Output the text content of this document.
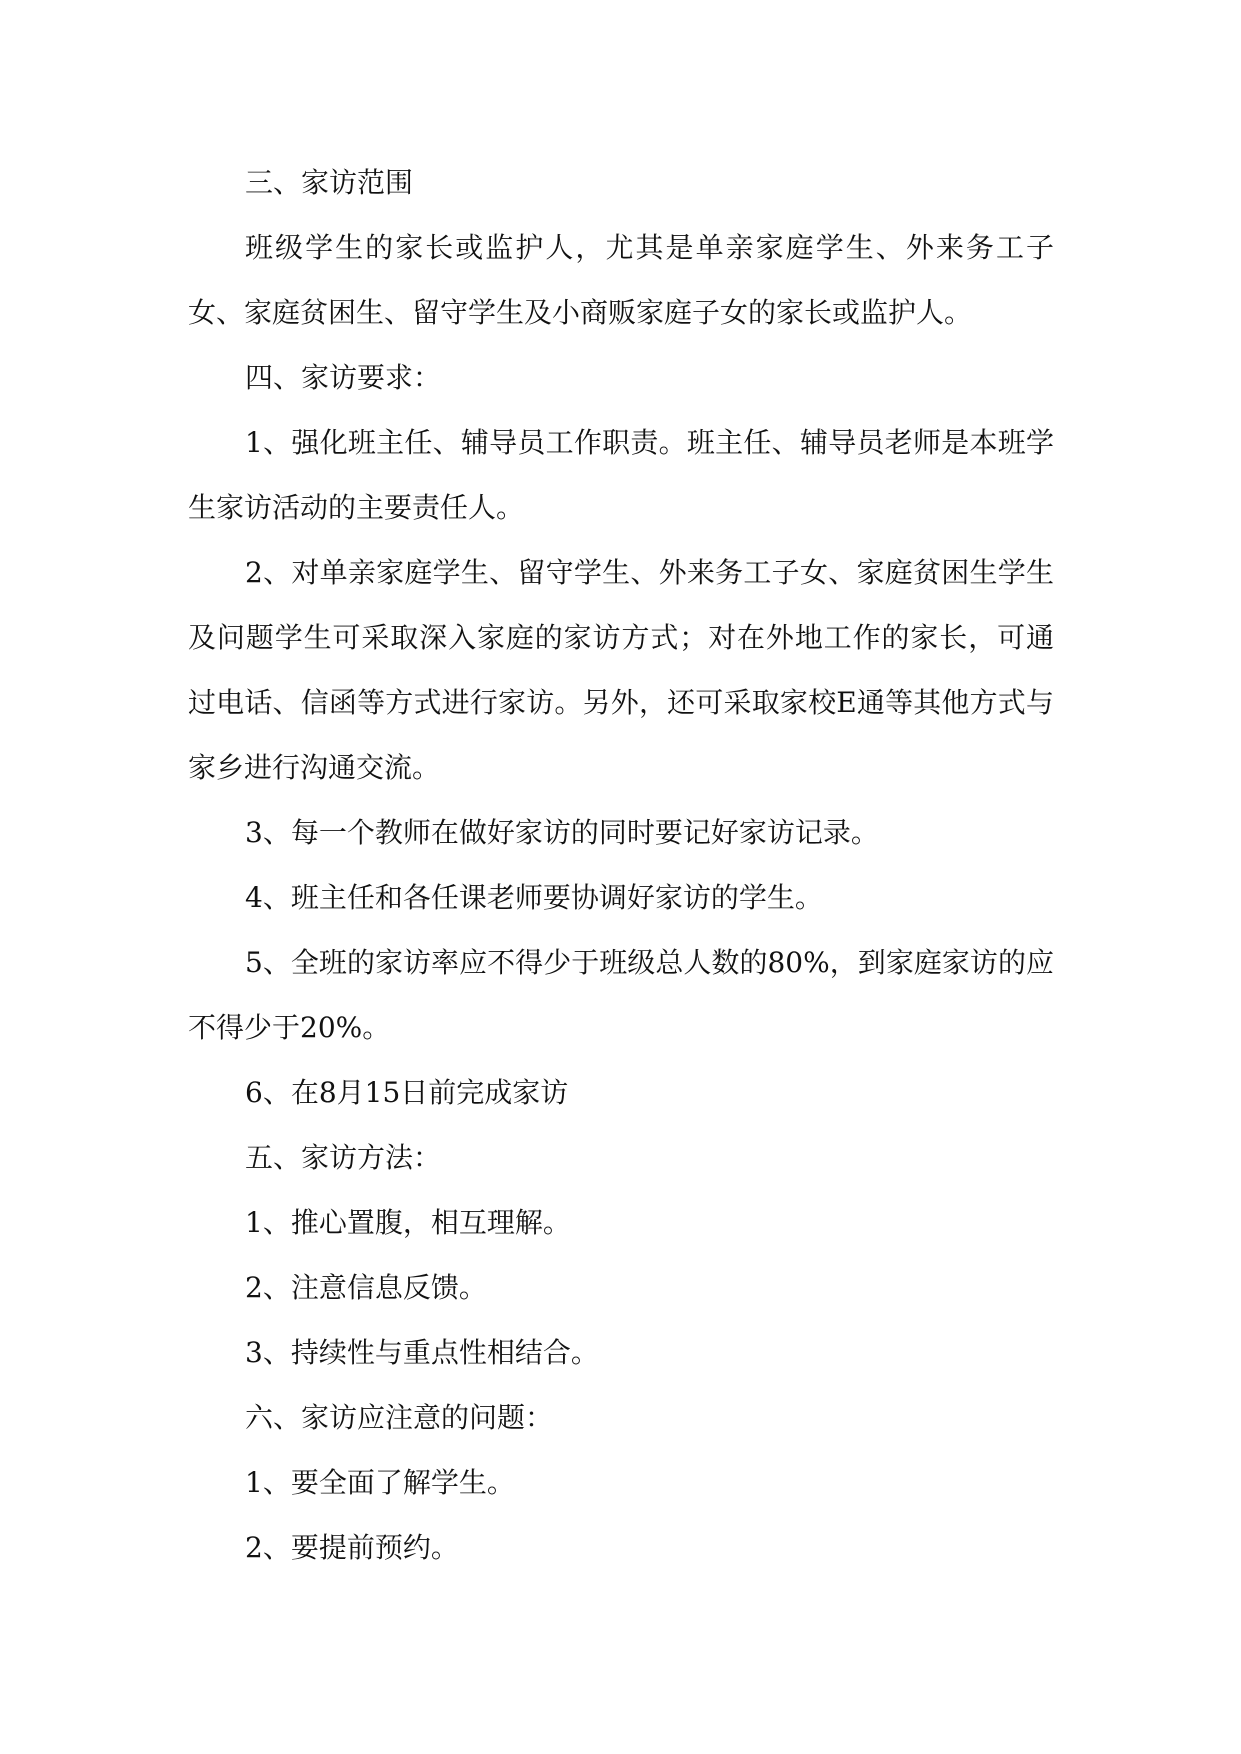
三、家访范围

班级学生的家长或监护人，尤其是单亲家庭学生、外来务工子女、家庭贫困生、留守学生及小商贩家庭子女的家长或监护人。

四、家访要求：

1、强化班主任、辅导员工作职责。班主任、辅导员老师是本班学生家访活动的主要责任人。

2、对单亲家庭学生、留守学生、外来务工子女、家庭贫困生学生及问题学生可采取深入家庭的家访方式；对在外地工作的家长，可通过电话、信函等方式进行家访。另外，还可采取家校E通等其他方式与家乡进行沟通交流。

3、每一个教师在做好家访的同时要记好家访记录。

4、班主任和各任课老师要协调好家访的学生。

5、全班的家访率应不得少于班级总人数的80%，到家庭家访的应不得少于20%。

6、在8月15日前完成家访

五、家访方法：

1、推心置腹，相互理解。

2、注意信息反馈。

3、持续性与重点性相结合。

六、家访应注意的问题：

1、要全面了解学生。

2、要提前预约。
